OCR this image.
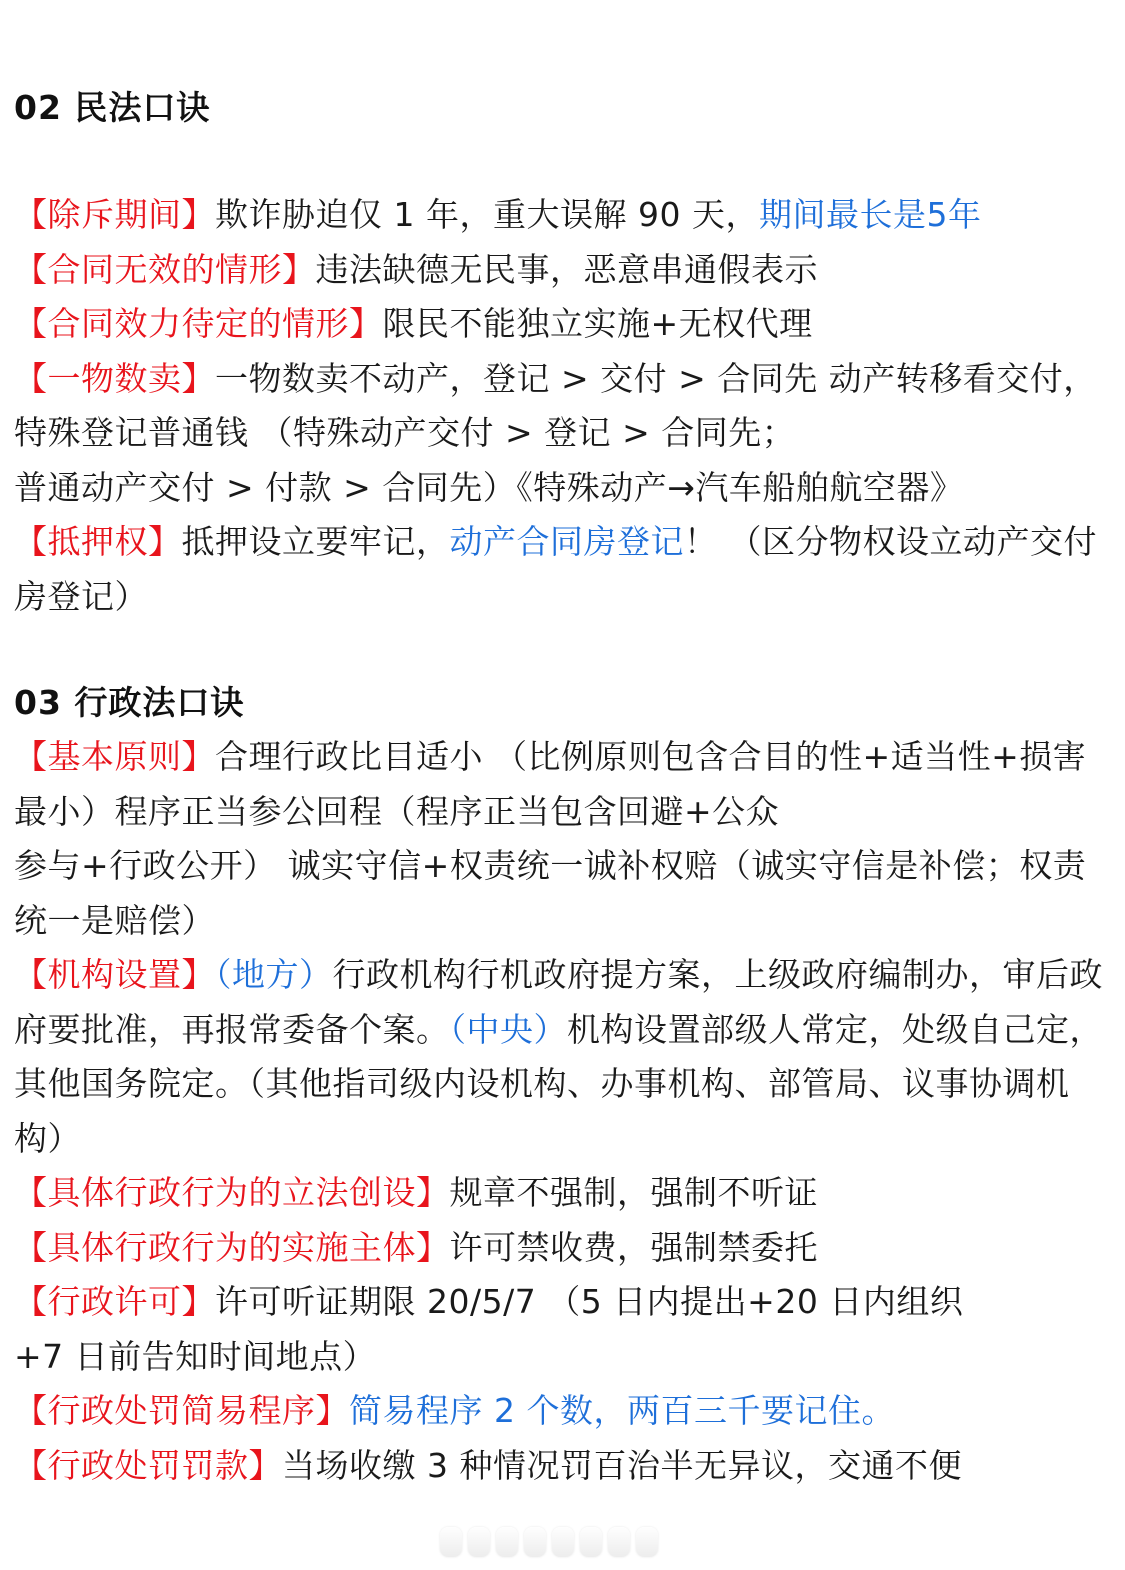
02 民法口诀

【除斥期间】欺诈胁迫仅 1 年，重大误解 90 天，期间最长是5年

【合同无效的情形】违法缺德无民事，恶意串通假表示

【合同效力待定的情形】限民不能独立实施+无权代理

【一物数卖】一物数卖不动产，登记 > 交付 > 合同先 动产转移看交付，特殊登记普通钱 （特殊动产交付 > 登记 > 合同先；
普通动产交付 > 付款 > 合同先）《特殊动产→汽车船舶航空器》

【抵押权】抵押设立要牢记，动产合同房登记！ （区分物权设立动产交付房登记）

03 行政法口诀

【基本原则】合理行政比目适小 （比例原则包含合目的性+适当性+损害最小）程序正当参公回程（程序正当包含回避+公众
参与+行政公开） 诚实守信+权责统一诚补权赔（诚实守信是补偿；权责统一是赔偿）

【机构设置】（地方）行政机构行机政府提方案，上级政府编制办，审后政府要批准，再报常委备个案。（中央）机构设置部级人常定，处级自己定，其他国务院定。（其他指司级内设机构、办事机构、部管局、议事协调机构）

【具体行政行为的立法创设】规章不强制，强制不听证

【具体行政行为的实施主体】许可禁收费，强制禁委托

【行政许可】许可听证期限 20/5/7 （5 日内提出+20 日内组织
+7 日前告知时间地点）

【行政处罚简易程序】简易程序 2 个数，两百三千要记住。

【行政处罚罚款】当场收缴 3 种情况罚百治半无异议，交通不便
